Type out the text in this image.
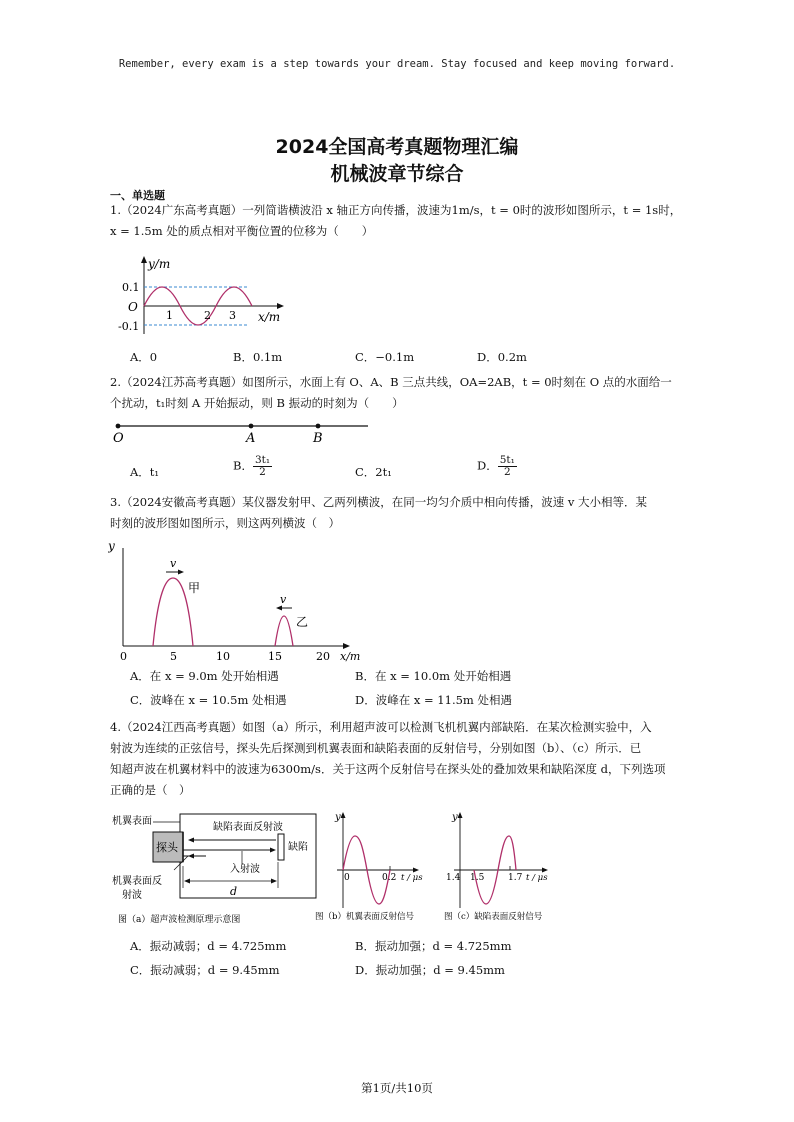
Remember, every exam is a step towards your dream. Stay focused and keep moving forward.
2024全国高考真题物理汇编
机械波章节综合
一、单选题
1.（2024广东高考真题）一列简谐横波沿 x 轴正方向传播，波速为1m/s，t = 0时的波形如图所示，t = 1s时，
x = 1.5m 处的质点相对平衡位置的位移为（　　）
y/m
0.1
O
-0.1
1	2 3 x/m
A．0	B．0.1m	C．−0.1m	D．0.2m
2.（2024江苏高考真题）如图所示，水面上有 O、A、B 三点共线，OA=2AB，t = 0时刻在 O 点的水面给一
个扰动，t₁时刻 A 开始振动，则 B 振动的时刻为（　　）
O	A	B
A．t₁	B． $\frac{\text{3t₁}}{2}$	C．2t₁	D． $\frac{\text{5t₁}}{2}$
3.（2024安徽高考真题）某仪器发射甲、乙两列横波，在同一均匀介质中相向传播，波速 v 大小相等．某
时刻的波形图如图所示，则这两列横波（　）
y
v
v
甲
乙
0	5	10	15	20 x/m
A．在 x = 9.0m 处开始相遇	B．在 x = 10.0m 处开始相遇
C．波峰在 x = 10.5m 处相遇	D．波峰在 x = 11.5m 处相遇
4.（2024江西高考真题）如图（a）所示，利用超声波可以检测飞机机翼内部缺陷．在某次检测实验中，入
射波为连续的正弦信号，探头先后探测到机翼表面和缺陷表面的反射信号，分别如图（b）、（c）所示．已
知超声波在机翼材料中的波速为6300m/s．关于这两个反射信号在探头处的叠加效果和缺陷深度 d，下列选项
正确的是（　）
机翼表面
探头
缺陷表面反射波
缺陷
入射波
机翼表面反
射波	d
图（a）超声波检测原理示意图
y
0	0.2 t / μs
图（b）机翼表面反射信号
y
1.4 1.5	1.7 t / μs
图（c）缺陷表面反射信号
A．振动减弱；d = 4.725mm	B．振动加强；d = 4.725mm
C．振动减弱；d = 9.45mm	D．振动加强；d = 9.45mm
第1页/共10页
